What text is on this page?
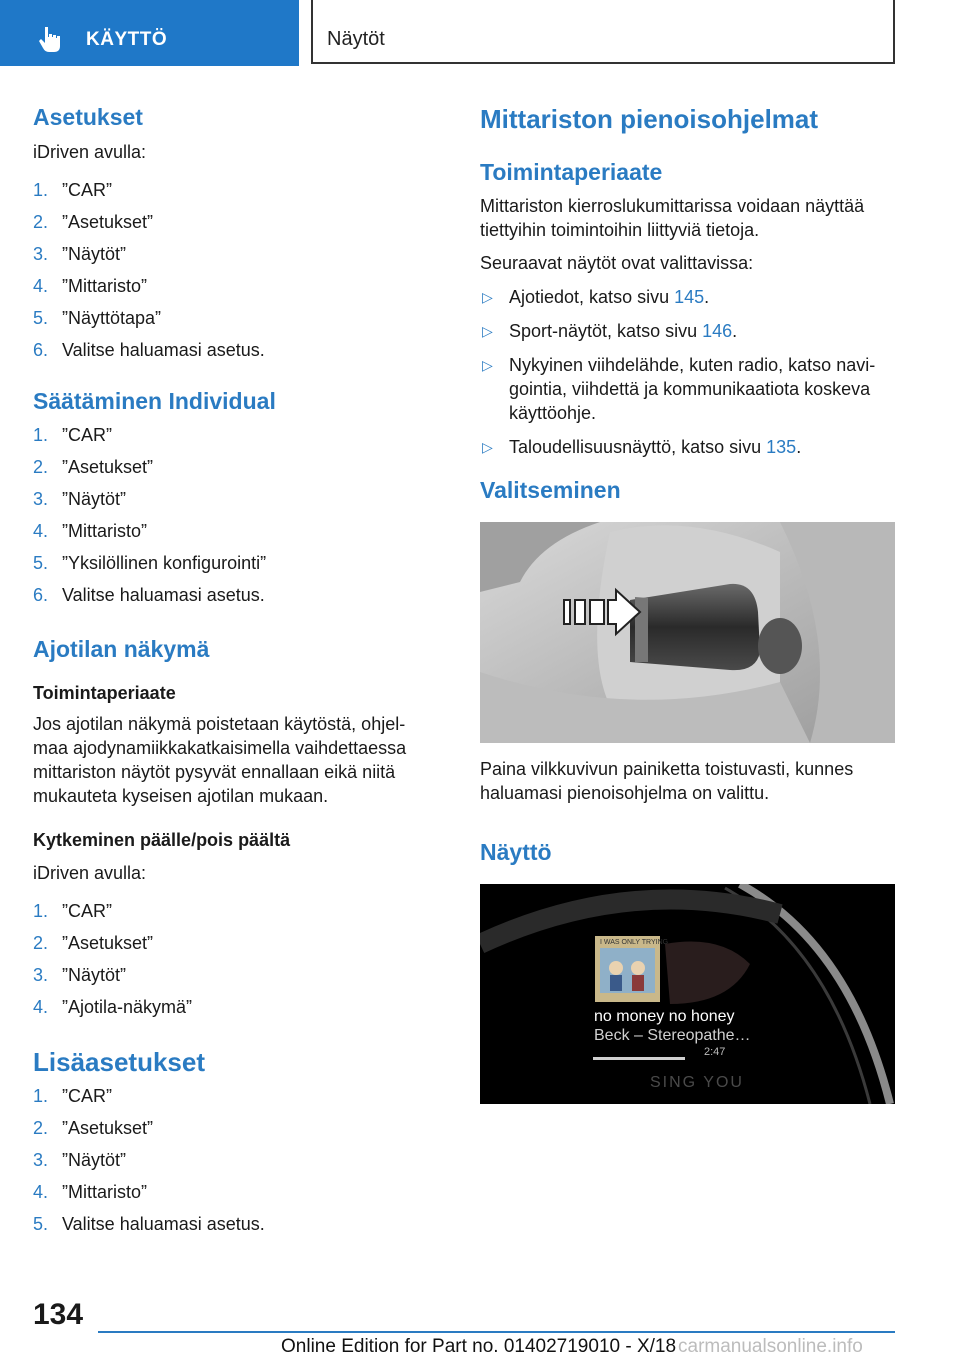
KÄYTTÖ	Näytöt
Asetukset

iDriven avulla:

1. ”CAR”
2. ”Asetukset”
3. ”Näytöt”
4. ”Mittaristo”
5. ”Näyttötapa”
6. Valitse haluamasi asetus.
Säätäminen Individual
1. ”CAR”
2. ”Asetukset”
3. ”Näytöt”
4. ”Mittaristo”
5. ”Yksilöllinen konfigurointi”
6. Valitse haluamasi asetus.
Ajotilan näkymä
Toimintaperiaate

Jos ajotilan näkymä poistetaan käytöstä, ohjel-

maa ajodynamiikkakatkaisimella vaihdettaessa

mittariston näytöt pysyvät ennallaan eikä niitä

mukauteta kyseisen ajotilan mukaan.

Kytkeminen päälle/pois päältä

iDriven avulla:

1. ”CAR”
2. ”Asetukset”
3. ”Näytöt”
4. ”Ajotila-näkymä”
Lisäasetukset
1. ”CAR”
2. ”Asetukset”
3. ”Näytöt”
4. ”Mittaristo”
5. Valitse haluamasi asetus.
Mittariston pienoisohjelmat
Toimintaperiaate

Mittariston kierroslukumittarissa voidaan näyttää

tiettyihin toimintoihin liittyviä tietoja.

Seuraavat näytöt ovat valittavissa:

▷ Ajotiedot, katso sivu 145.
▷ Sport-näytöt, katso sivu 146.
▷ Nykyinen viihdelähde, kuten radio, katso navi-
gointia, viihdettä ja kommunikaatiota koskeva
käyttöohje.
▷ Taloudellisuusnäyttö, katso sivu 135.
Valitseminen

Paina vilkkuvivun painiketta toistuvasti, kunnes

haluamasi pienoisohjelma on valittu.

Näyttö
I WAS ONLY TRYING
no money no honey
Beck – Stereopathe…
2:47
SING YOU
134
Online Edition for Part no. 01402719010 - X/18 carmanualsonline.info
